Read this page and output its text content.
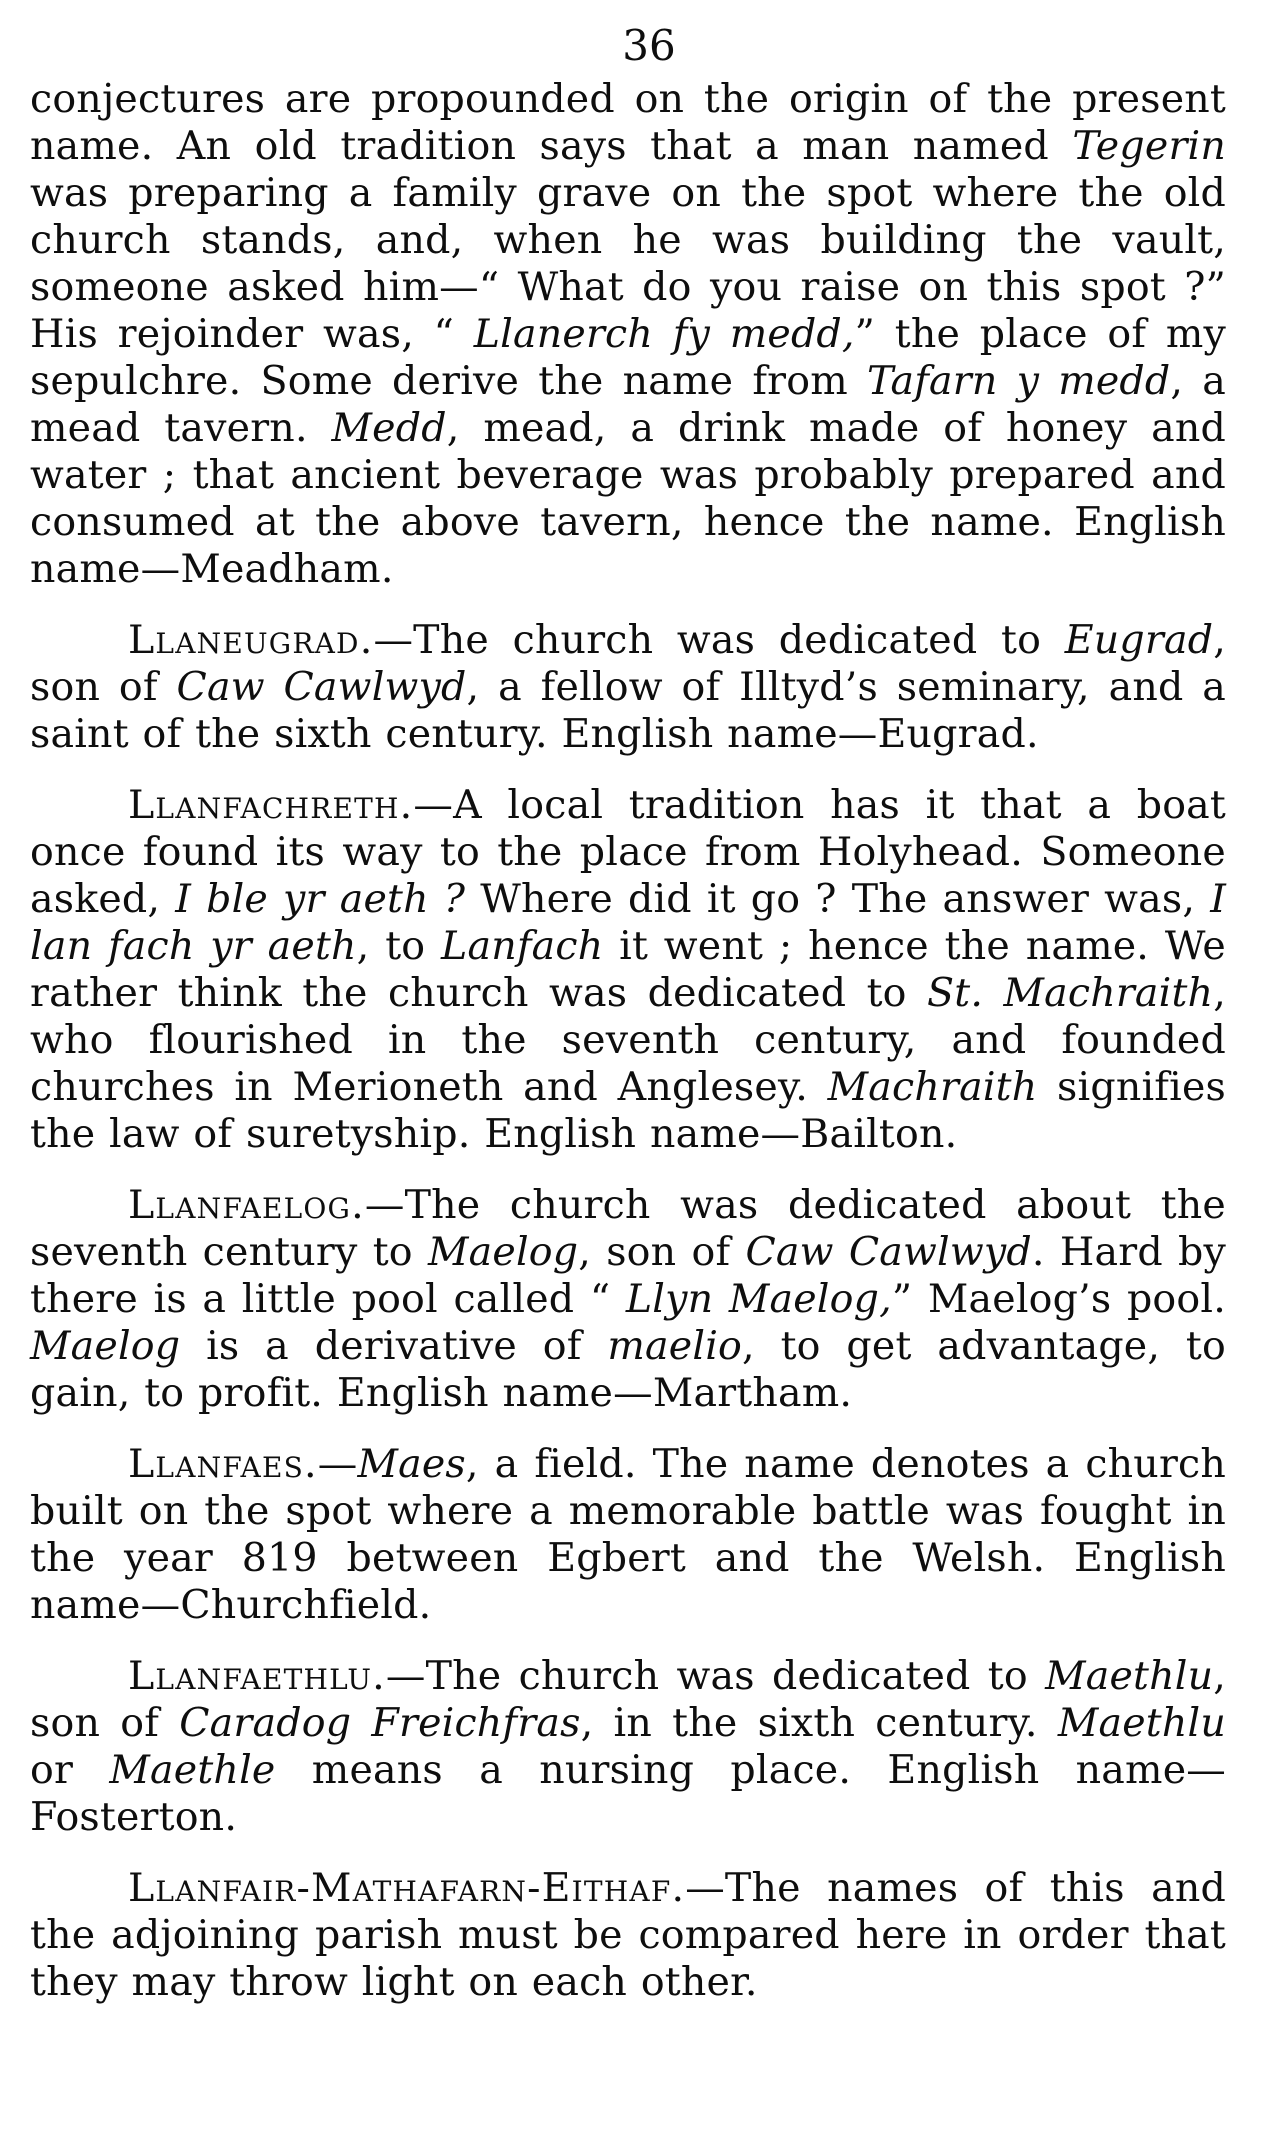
36

conjectures are propounded on the origin of the present name. An old tradition says that a man named Tegerin was preparing a family grave on the spot where the old church stands, and, when he was building the vault, someone asked him—“ What do you raise on this spot ?” His rejoinder was, “ Llanerch fy medd,” the place of my sepulchre. Some derive the name from Tafarn y medd, a mead tavern. Medd, mead, a drink made of honey and water ; that ancient beverage was probably prepared and consumed at the above tavern, hence the name. English name—Meadham.

Llaneugrad.—The church was dedicated to Eugrad, son of Caw Cawlwyd, a fellow of Illtyd’s seminary, and a saint of the sixth century. English name—Eugrad.

Llanfachreth.—A local tradition has it that a boat once found its way to the place from Holyhead. Someone asked, I ble yr aeth ? Where did it go ? The answer was, I lan fach yr aeth, to Lanfach it went ; hence the name. We rather think the church was dedicated to St. Machraith, who flourished in the seventh century, and founded churches in Merioneth and Anglesey. Machraith signifies the law of suretyship. English name—Bailton.

Llanfaelog.—The church was dedicated about the seventh century to Maelog, son of Caw Cawlwyd. Hard by there is a little pool called “ Llyn Maelog,” Maelog’s pool. Maelog is a derivative of maelio, to get advantage, to gain, to profit. English name—Martham.

Llanfaes.—Maes, a field. The name denotes a church built on the spot where a memorable battle was fought in the year 819 between Egbert and the Welsh. English name—Churchfield.

Llanfaethlu.—The church was dedicated to Maethlu, son of Caradog Freichfras, in the sixth century. Maethlu or Maethle means a nursing place. English name—Fosterton.

Llanfair-Mathafarn-Eithaf.—The names of this and the adjoining parish must be compared here in order that they may throw light on each other.
